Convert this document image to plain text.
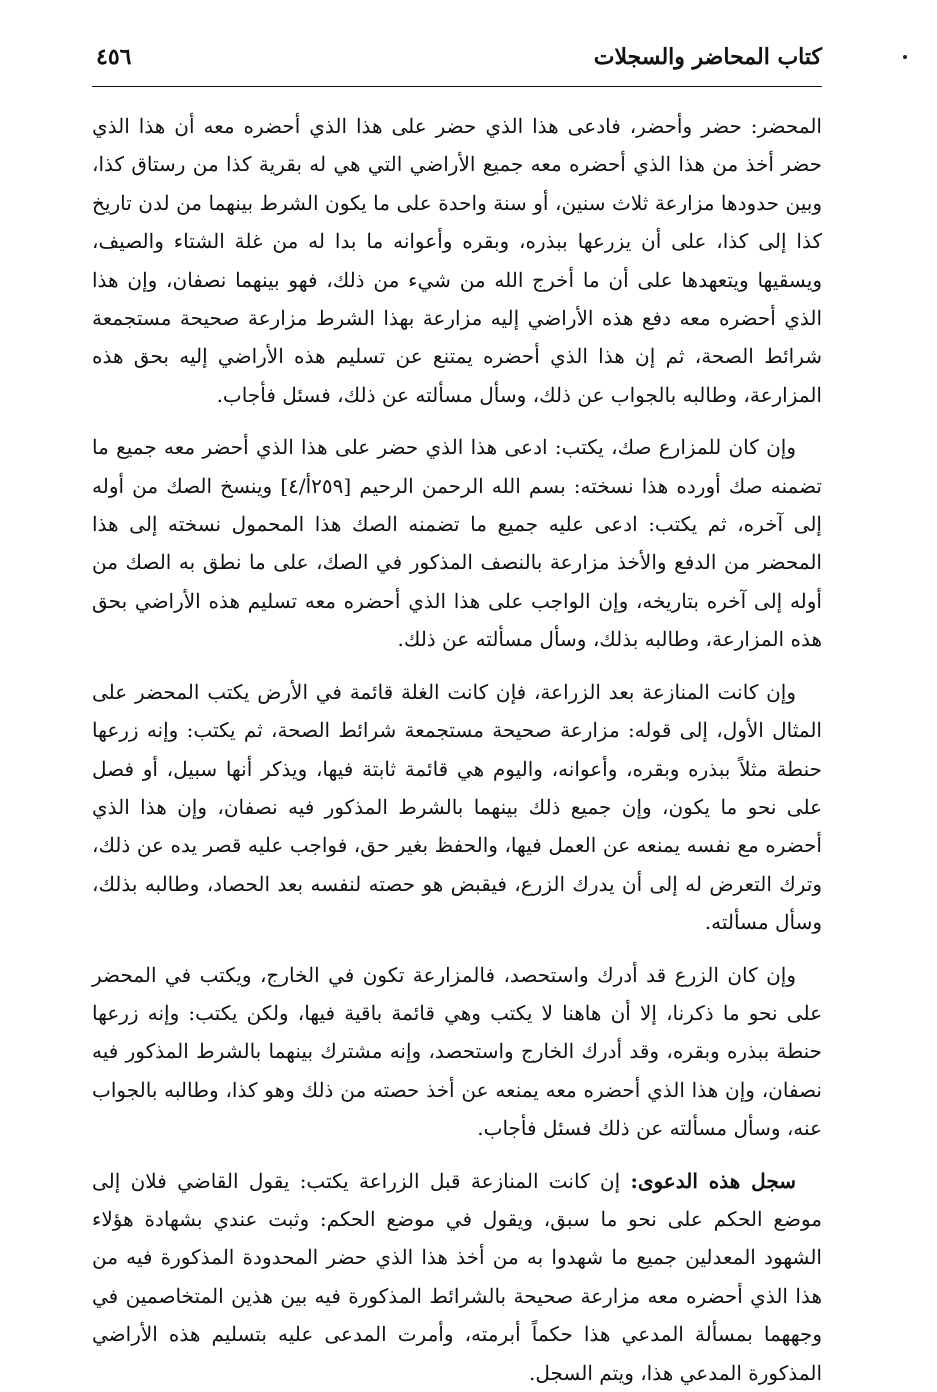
كتاب المحاضر والسجلات
٤٥٦

المحضر: حضر وأحضر، فادعى هذا الذي حضر على هذا الذي أحضره معه أن هذا الذي حضر أخذ من هذا الذي أحضره معه جميع الأراضي التي هي له بقرية كذا من رستاق كذا، وبين حدودها مزارعة ثلاث سنين، أو سنة واحدة على ما يكون الشرط بينهما من لدن تاريخ كذا إلى كذا، على أن يزرعها ببذره، وبقره وأعوانه ما بدا له من غلة الشتاء والصيف، ويسقيها ويتعهدها على أن ما أخرج الله من شيء من ذلك، فهو بينهما نصفان، وإن هذا الذي أحضره معه دفع هذه الأراضي إليه مزارعة بهذا الشرط مزارعة صحيحة مستجمعة شرائط الصحة، ثم إن هذا الذي أحضره يمتنع عن تسليم هذه الأراضي إليه بحق هذه المزارعة، وطالبه بالجواب عن ذلك، وسأل مسألته عن ذلك، فسئل فأجاب.

وإن كان للمزارع صك، يكتب: ادعى هذا الذي حضر على هذا الذي أحضر معه جميع ما تضمنه صك أورده هذا نسخته: بسم الله الرحمن الرحيم [٢٥٩أ/٤] وينسخ الصك من أوله إلى آخره، ثم يكتب: ادعى عليه جميع ما تضمنه الصك هذا المحمول نسخته إلى هذا المحضر من الدفع والأخذ مزارعة بالنصف المذكور في الصك، على ما نطق به الصك من أوله إلى آخره بتاريخه، وإن الواجب على هذا الذي أحضره معه تسليم هذه الأراضي بحق هذه المزارعة، وطالبه بذلك، وسأل مسألته عن ذلك.

وإن كانت المنازعة بعد الزراعة، فإن كانت الغلة قائمة في الأرض يكتب المحضر على المثال الأول، إلى قوله: مزارعة صحيحة مستجمعة شرائط الصحة، ثم يكتب: وإنه زرعها حنطة مثلاً ببذره وبقره، وأعوانه، واليوم هي قائمة ثابتة فيها، ويذكر أنها سبيل، أو فصل على نحو ما يكون، وإن جميع ذلك بينهما بالشرط المذكور فيه نصفان، وإن هذا الذي أحضره مع نفسه يمنعه عن العمل فيها، والحفظ بغير حق، فواجب عليه قصر يده عن ذلك، وترك التعرض له إلى أن يدرك الزرع، فيقبض هو حصته لنفسه بعد الحصاد، وطالبه بذلك، وسأل مسألته.

وإن كان الزرع قد أدرك واستحصد، فالمزارعة تكون في الخارج، ويكتب في المحضر على نحو ما ذكرنا، إلا أن هاهنا لا يكتب وهي قائمة باقية فيها، ولكن يكتب: وإنه زرعها حنطة ببذره وبقره، وقد أدرك الخارج واستحصد، وإنه مشترك بينهما بالشرط المذكور فيه نصفان، وإن هذا الذي أحضره معه يمنعه عن أخذ حصته من ذلك وهو كذا، وطالبه بالجواب عنه، وسأل مسألته عن ذلك فسئل فأجاب.

سجل هذه الدعوى: إن كانت المنازعة قبل الزراعة يكتب: يقول القاضي فلان إلى موضع الحكم على نحو ما سبق، ويقول في موضع الحكم: وثبت عندي بشهادة هؤلاء الشهود المعدلين جميع ما شهدوا به من أخذ هذا الذي حضر المحدودة المذكورة فيه من هذا الذي أحضره معه مزارعة صحيحة بالشرائط المذكورة فيه بين هذين المتخاصمين في وجههما بمسألة المدعي هذا حكماً أبرمته، وأمرت المدعى عليه بتسليم هذه الأراضي المذكورة المدعي هذا، ويتم السجل.
